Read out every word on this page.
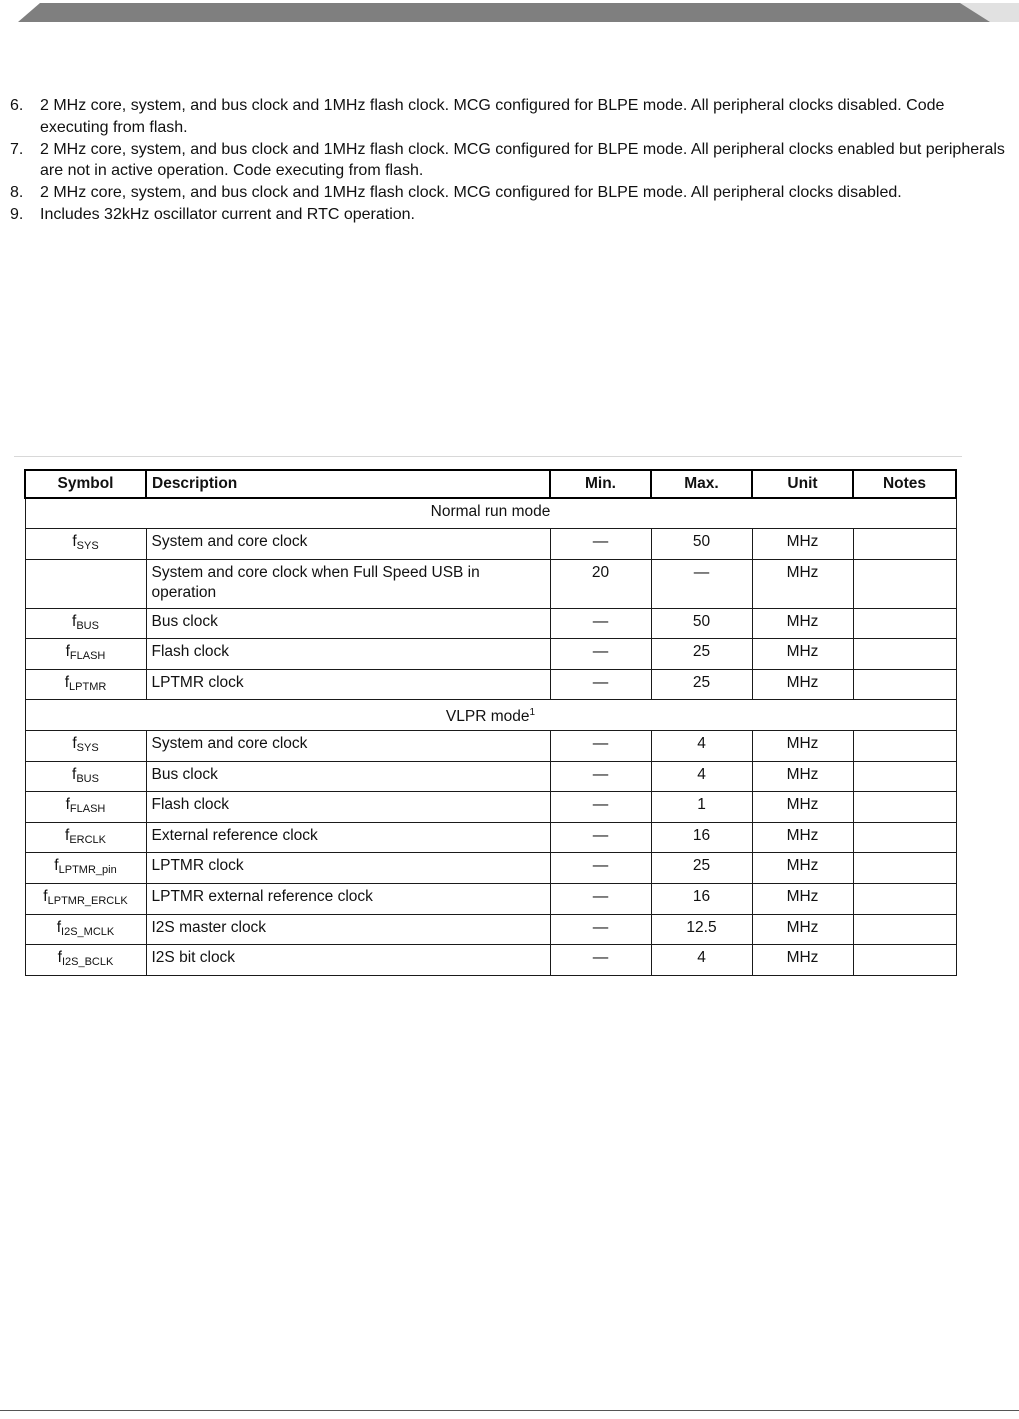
6.	2 MHz core, system, and bus clock and 1MHz flash clock. MCG configured for BLPE mode. All peripheral clocks disabled. Code executing from flash.
7.	2 MHz core, system, and bus clock and 1MHz flash clock. MCG configured for BLPE mode. All peripheral clocks enabled but peripherals are not in active operation. Code executing from flash.
8.	2 MHz core, system, and bus clock and 1MHz flash clock. MCG configured for BLPE mode. All peripheral clocks disabled.
9.	Includes 32kHz oscillator current and RTC operation.
Symbol	Description	Min.	Max.	Unit	Notes
Normal run mode					
$f_{SYS}$	System and core clock	—	50	MHz	
	System and core clock when Full Speed USB in operation	20	—	MHz	
$f_{BUS}$	Bus clock	—	50	MHz	
$f_{FLASH}$	Flash clock	—	25	MHz	
$f_{LPTMR}$	LPTMR clock	—	25	MHz	
VLPR mode$^1$
$f_{SYS}$	System and core clock	—	4	MHz	
$f_{BUS}$	Bus clock	—	4	MHz	
$f_{FLASH}$	Flash clock	—	1	MHz	
$f_{ERCLK}$	External reference clock	—	16	MHz	
$f_{LPTMR\_pin}$	LPTMR clock	—	25	MHz	
$f_{LPTMR\_ERCLK}$	LPTMR external reference clock	—	16	MHz	
$f_{I2S\_MCLK}$	I2S master clock	—	12.5	MHz	
$f_{I2S\_BCLK}$	I2S bit clock	—	4	MHz	
